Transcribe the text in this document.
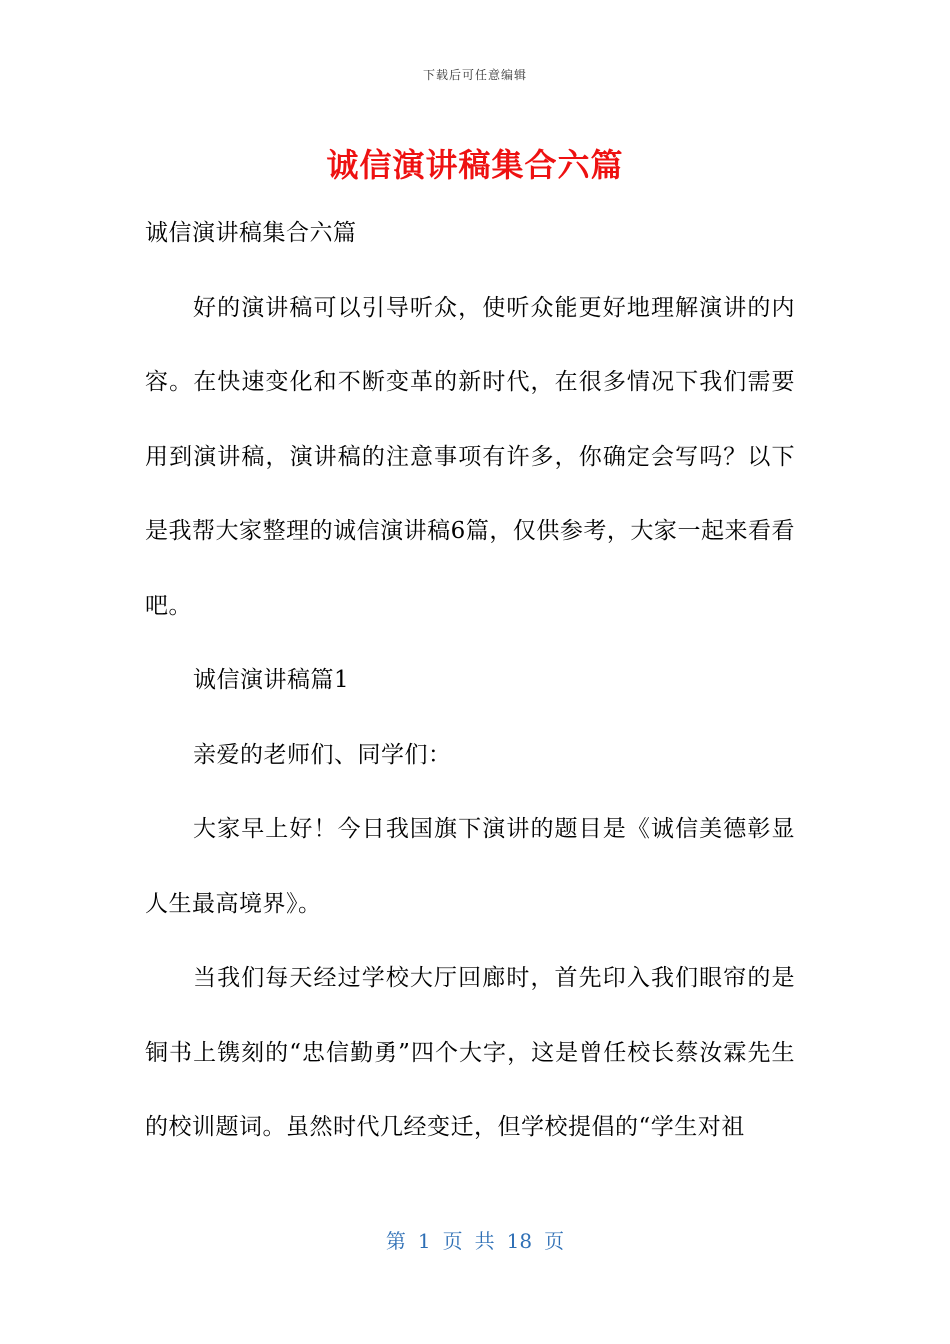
下载后可任意编辑
诚信演讲稿集合六篇

诚信演讲稿集合六篇

好的演讲稿可以引导听众，使听众能更好地理解演讲的内容。在快速变化和不断变革的新时代，在很多情况下我们需要用到演讲稿，演讲稿的注意事项有许多，你确定会写吗？以下是我帮大家整理的诚信演讲稿6篇，仅供参考，大家一起来看看吧。

诚信演讲稿篇1

亲爱的老师们、同学们：

大家早上好！今日我国旗下演讲的题目是《诚信美德彰显人生最高境界》。

当我们每天经过学校大厅回廊时，首先印入我们眼帘的是铜书上镌刻的“忠信勤勇”四个大字，这是曾任校长蔡汝霖先生的校训题词。虽然时代几经变迁，但学校提倡的“学生对祖

第 1 页 共 18 页
